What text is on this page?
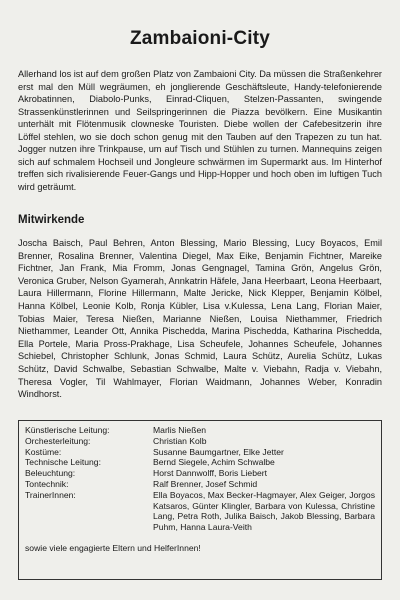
Zambaioni-City
Allerhand los ist auf dem großen Platz von Zambaioni City. Da müssen die Straßenkehrer erst mal den Müll wegräumen, eh jonglierende Geschäftsleute, Handy-telefonierende Akrobatinnen, Diabolo-Punks, Einrad-Cliquen, Stelzen-Passanten, swingende Strassenkünstlerinnen und Seilspringerinnen die Piazza bevölkern. Eine Musikantin unterhält mit Flötenmusik clowneske Touristen. Diebe wollen der Cafebesitzerin ihre Löffel stehlen, wo sie doch schon genug mit den Tauben auf den Trapezen zu tun hat. Jogger nutzen ihre Trinkpause, um auf Tisch und Stühlen zu turnen. Mannequins zeigen sich auf schmalem Hochseil und Jongleure schwärmen im Supermarkt aus. Im Hinterhof treffen sich rivalisierende Feuer-Gangs und Hipp-Hopper und hoch oben im luftigen Tuch wird geträumt.
Mitwirkende
Joscha Baisch, Paul Behren, Anton Blessing, Mario Blessing, Lucy Boyacos, Emil Brenner, Rosalina Brenner, Valentina Diegel, Max Eike, Benjamin Fichtner, Mareike Fichtner, Jan Frank, Mia Fromm, Jonas Gengnagel, Tamina Grön, Angelus Grön, Veronica Gruber, Nelson Gyamerah, Annkatrin Häfele, Jana Heerbaart, Leona Heerbaart, Laura Hillermann, Florine Hillermann, Malte Jericke, Nick Klepper, Benjamin Kölbel, Hanna Kölbel, Leonie Kolb, Ronja Kübler, Lisa v.Kulessa, Lena Lang, Florian Maier, Tobias Maier, Teresa Nießen, Marianne Nießen, Louisa Niethammer, Friedrich Niethammer, Leander Ott, Annika Pischedda, Marina Pischedda, Katharina Pischedda, Ella Portele, Maria Pross-Prakhage, Lisa Scheufele, Johannes Scheufele, Johannes Schiebel, Christopher Schlunk, Jonas Schmid, Laura Schütz, Aurelia Schütz, Lukas Schütz, David Schwalbe, Sebastian Schwalbe, Malte v. Viebahn, Radja v. Viebahn, Theresa Vogler, Til Wahlmayer, Florian Waidmann, Johannes Weber, Konradin Windhorst.
Künstlerische Leitung:	Marlis Nießen
Orchesterleitung:	Christian Kolb
Kostüme:	Susanne Baumgartner, Elke Jetter
Technische Leitung:	Bernd Siegele, Achim Schwalbe
Beleuchtung:	Horst Dannwolff, Boris Liebert
Tontechnik:	Ralf Brenner, Josef Schmid
TrainerInnen:	Ella Boyacos, Max Becker-Hagmayer, Alex Geiger, Jorgos Katsaros, Günter Klingler, Barbara von Kulessa, Christine Lang, Petra Roth, Julika Baisch, Jakob Blessing, Barbara Puhm, Hanna Laura-Veith
sowie viele engagierte Eltern und HelferInnen!
